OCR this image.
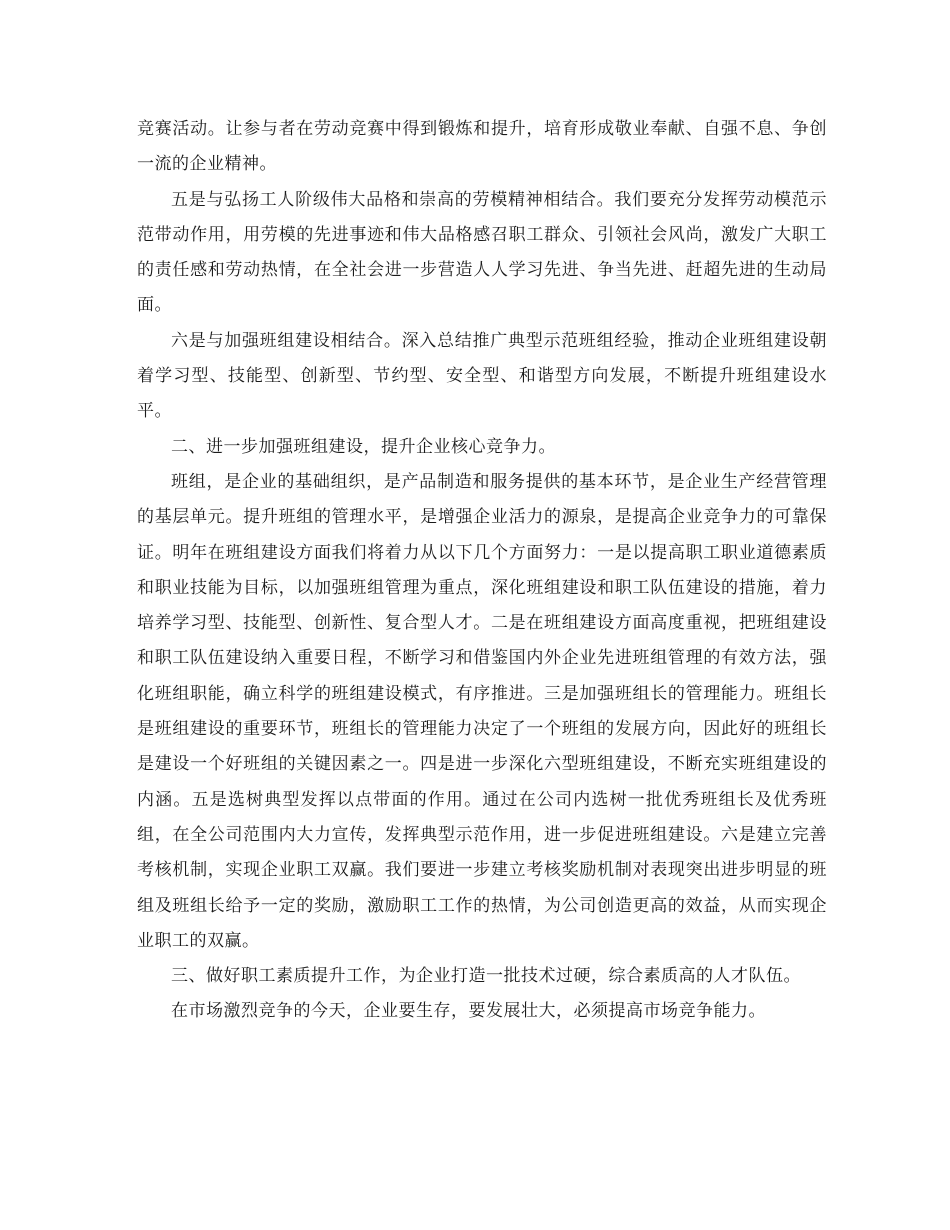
竞赛活动。让参与者在劳动竞赛中得到锻炼和提升，培育形成敬业奉献、自强不息、争创一流的企业精神。

五是与弘扬工人阶级伟大品格和崇高的劳模精神相结合。我们要充分发挥劳动模范示范带动作用，用劳模的先进事迹和伟大品格感召职工群众、引领社会风尚，激发广大职工的责任感和劳动热情，在全社会进一步营造人人学习先进、争当先进、赶超先进的生动局面。

六是与加强班组建设相结合。深入总结推广典型示范班组经验，推动企业班组建设朝着学习型、技能型、创新型、节约型、安全型、和谐型方向发展，不断提升班组建设水平。

二、进一步加强班组建设，提升企业核心竞争力。

班组，是企业的基础组织，是产品制造和服务提供的基本环节，是企业生产经营管理的基层单元。提升班组的管理水平，是增强企业活力的源泉，是提高企业竞争力的可靠保证。明年在班组建设方面我们将着力从以下几个方面努力：一是以提高职工职业道德素质和职业技能为目标，以加强班组管理为重点，深化班组建设和职工队伍建设的措施，着力培养学习型、技能型、创新性、复合型人才。二是在班组建设方面高度重视，把班组建设和职工队伍建设纳入重要日程，不断学习和借鉴国内外企业先进班组管理的有效方法，强化班组职能，确立科学的班组建设模式，有序推进。三是加强班组长的管理能力。班组长是班组建设的重要环节，班组长的管理能力决定了一个班组的发展方向，因此好的班组长是建设一个好班组的关键因素之一。四是进一步深化六型班组建设，不断充实班组建设的内涵。五是选树典型发挥以点带面的作用。通过在公司内选树一批优秀班组长及优秀班组，在全公司范围内大力宣传，发挥典型示范作用，进一步促进班组建设。六是建立完善考核机制，实现企业职工双赢。我们要进一步建立考核奖励机制对表现突出进步明显的班组及班组长给予一定的奖励，激励职工工作的热情，为公司创造更高的效益，从而实现企业职工的双赢。

三、做好职工素质提升工作，为企业打造一批技术过硬，综合素质高的人才队伍。

在市场激烈竞争的今天，企业要生存，要发展壮大，必须提高市场竞争能力。
